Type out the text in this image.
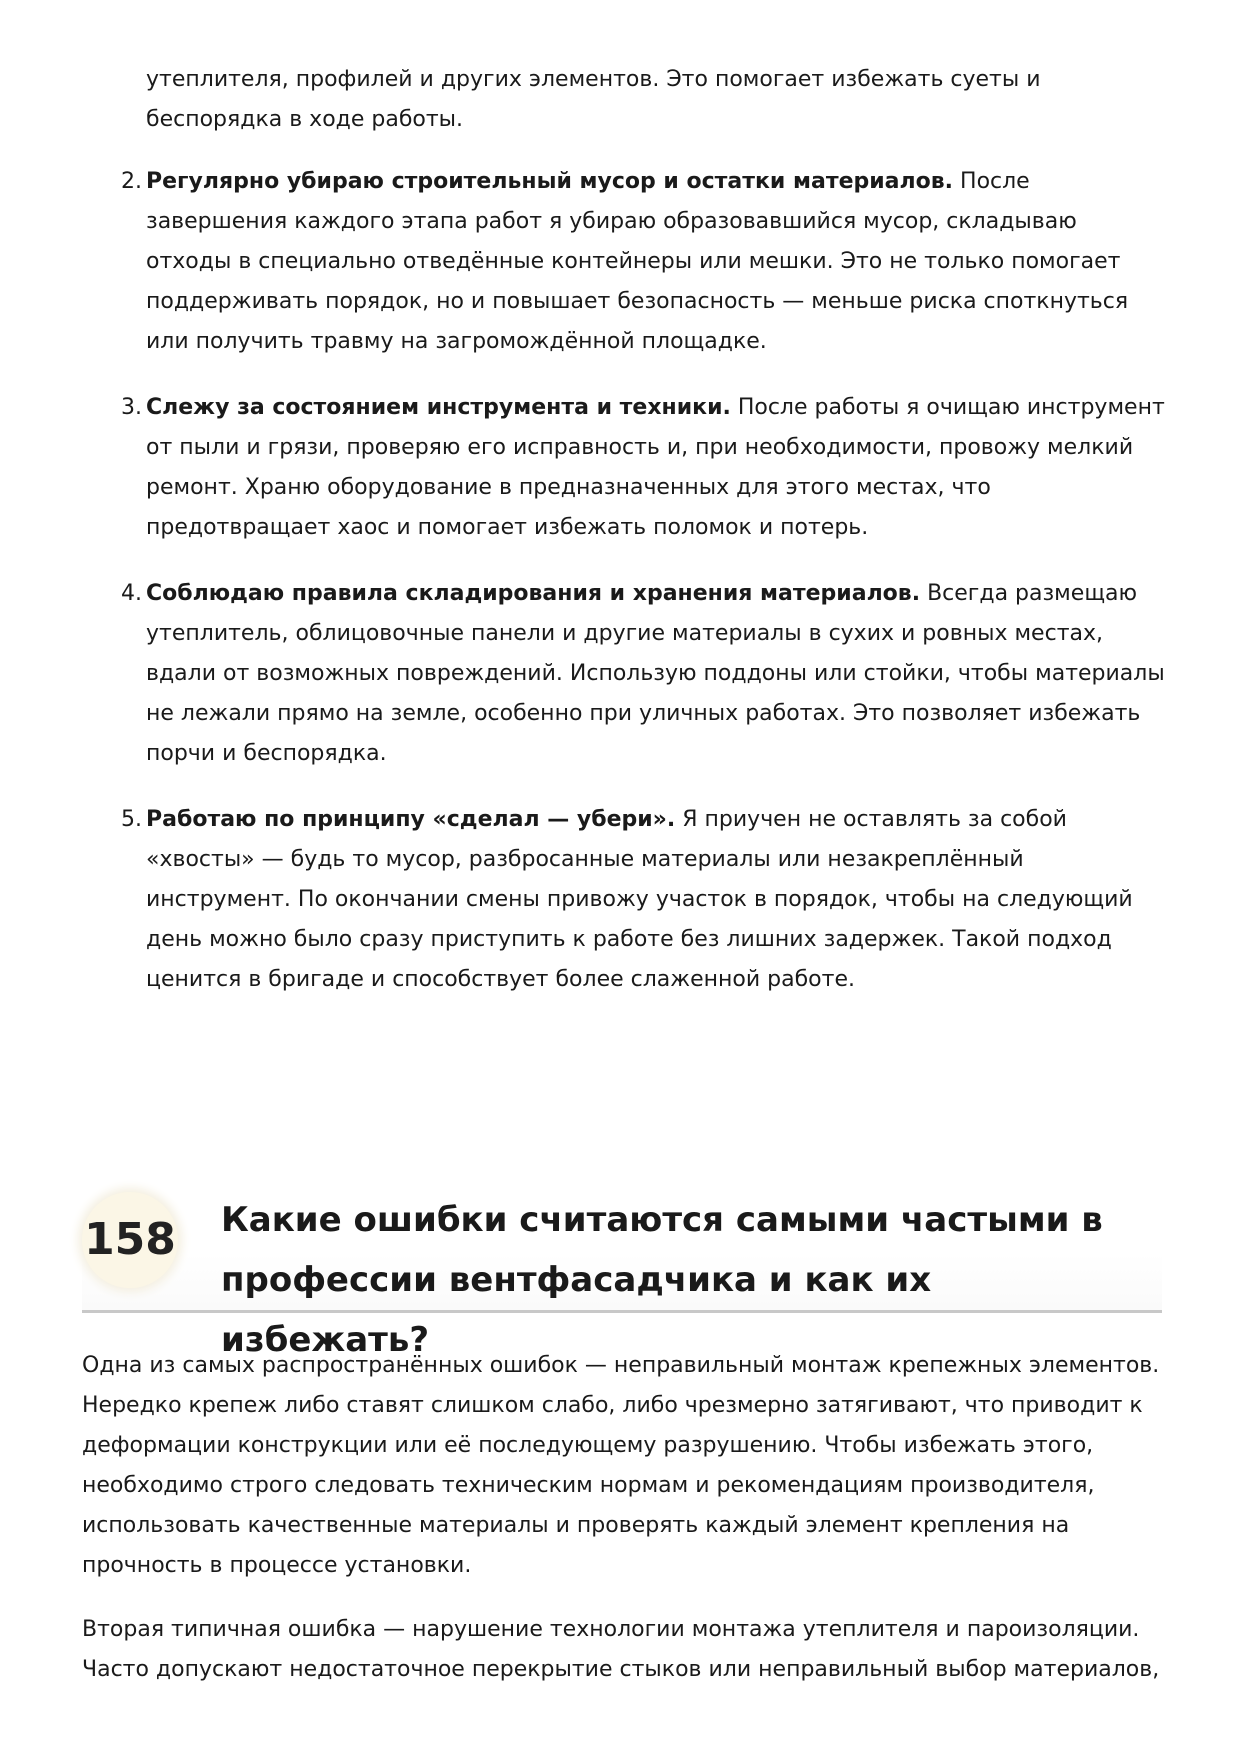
утеплителя, профилей и других элементов. Это помогает избежать суеты и беспорядка в ходе работы.

2. Регулярно убираю строительный мусор и остатки материалов. После завершения каждого этапа работ я убираю образовавшийся мусор, складываю отходы в специально отведённые контейнеры или мешки. Это не только помогает поддерживать порядок, но и повышает безопасность — меньше риска споткнуться или получить травму на загромождённой площадке.
3. Слежу за состоянием инструмента и техники. После работы я очищаю инструмент от пыли и грязи, проверяю его исправность и, при необходимости, провожу мелкий ремонт. Храню оборудование в предназначенных для этого местах, что предотвращает хаос и помогает избежать поломок и потерь.
4. Соблюдаю правила складирования и хранения материалов. Всегда размещаю утеплитель, облицовочные панели и другие материалы в сухих и ровных местах, вдали от возможных повреждений. Использую поддоны или стойки, чтобы материалы не лежали прямо на земле, особенно при уличных работах. Это позволяет избежать порчи и беспорядка.
5. Работаю по принципу «сделал — убери». Я приучен не оставлять за собой «хвосты» — будь то мусор, разбросанные материалы или незакреплённый инструмент. По окончании смены привожу участок в порядок, чтобы на следующий день можно было сразу приступить к работе без лишних задержек. Такой подход ценится в бригаде и способствует более слаженной работе.
158 Какие ошибки считаются самыми частыми в профессии вентфасадчика и как их избежать?

Одна из самых распространённых ошибок — неправильный монтаж крепежных элементов. Нередко крепеж либо ставят слишком слабо, либо чрезмерно затягивают, что приводит к деформации конструкции или её последующему разрушению. Чтобы избежать этого, необходимо строго следовать техническим нормам и рекомендациям производителя, использовать качественные материалы и проверять каждый элемент крепления на прочность в процессе установки.

Вторая типичная ошибка — нарушение технологии монтажа утеплителя и пароизоляции. Часто допускают недостаточное перекрытие стыков или неправильный выбор материалов,
